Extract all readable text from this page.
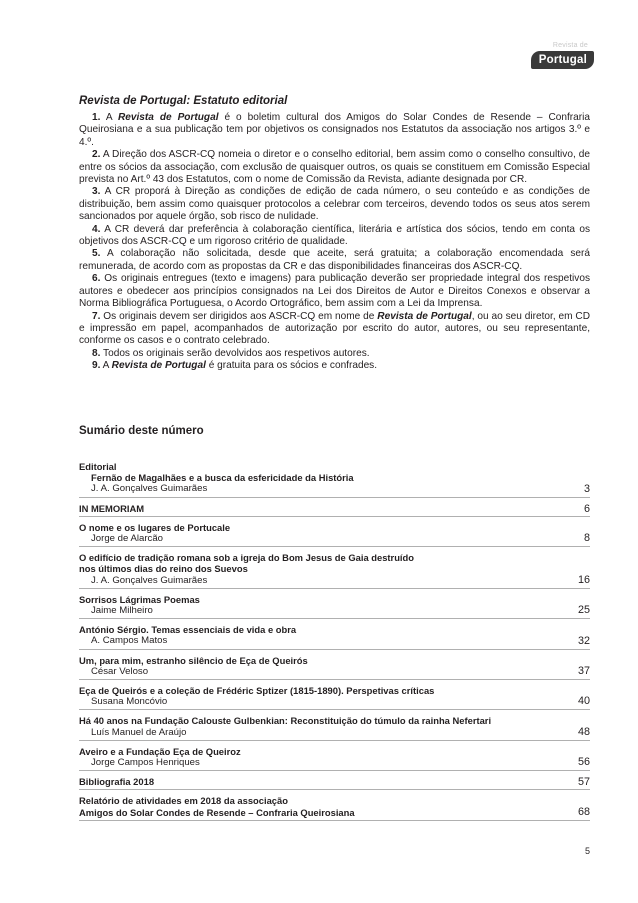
Revista de
Portugal
Revista de Portugal: Estatuto editorial
1. A Revista de Portugal é o boletim cultural dos Amigos do Solar Condes de Resende – Confraria Queirosiana e a sua publicação tem por objetivos os consignados nos Estatutos da associação nos artigos 3.º e 4.º.
2. A Direção dos ASCR-CQ nomeia o diretor e o conselho editorial, bem assim como o conselho consultivo, de entre os sócios da associação, com exclusão de quaisquer outros, os quais se constituem em Comissão Especial prevista no Art.º 43 dos Estatutos, com o nome de Comissão da Revista, adiante designada por CR.
3. A CR proporá à Direção as condições de edição de cada número, o seu conteúdo e as condições de distribuição, bem assim como quaisquer protocolos a celebrar com terceiros, devendo todos os seus atos serem sancionados por aquele órgão, sob risco de nulidade.
4. A CR deverá dar preferência à colaboração científica, literária e artística dos sócios, tendo em conta os objetivos dos ASCR-CQ e um rigoroso critério de qualidade.
5. A colaboração não solicitada, desde que aceite, será gratuita; a colaboração encomendada será remunerada, de acordo com as propostas da CR e das disponibilidades financeiras dos ASCR-CQ.
6. Os originais entregues (texto e imagens) para publicação deverão ser propriedade integral dos respetivos autores e obedecer aos princípios consignados na Lei dos Direitos de Autor e Direitos Conexos e observar a Norma Bibliográfica Portuguesa, o Acordo Ortográfico, bem assim com a Lei da Imprensa.
7. Os originais devem ser dirigidos aos ASCR-CQ em nome de Revista de Portugal, ou ao seu diretor, em CD e impressão em papel, acompanhados de autorização por escrito do autor, autores, ou seu representante, conforme os casos e o contrato celebrado.
8. Todos os originais serão devolvidos aos respetivos autores.
9. A Revista de Portugal é gratuita para os sócios e confrades.
Sumário deste número
Editorial
Fernão de Magalhães e a busca da esfericidade da História
J. A. Gonçalves Guimarães	3
IN MEMORIAM	6
O nome e os lugares de Portucale
Jorge de Alarcão	8
O edifício de tradição romana sob a igreja do Bom Jesus de Gaia destruído
nos últimos dias do reino dos Suevos
J. A. Gonçalves Guimarães	16
Sorrisos Lágrimas Poemas
Jaime Milheiro	25
António Sérgio. Temas essenciais de vida e obra
A. Campos Matos	32
Um, para mim, estranho silêncio de Eça de Queirós
César Veloso	37
Eça de Queirós e a coleção de Frédéric Sptizer (1815-1890). Perspetivas críticas
Susana Moncóvio	40
Há 40 anos na Fundação Calouste Gulbenkian: Reconstituição do túmulo da rainha Nefertari
Luís Manuel de Araújo	48
Aveiro e a Fundação Eça de Queiroz
Jorge Campos Henriques	56
Bibliografia 2018	57
Relatório de atividades em 2018 da associação
Amigos do Solar Condes de Resende – Confraria Queirosiana	68
5
